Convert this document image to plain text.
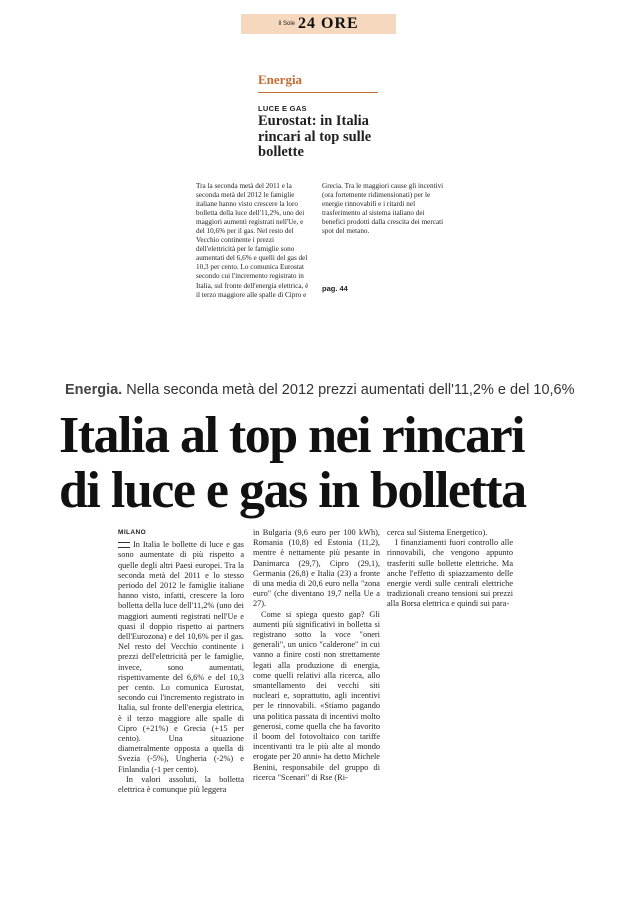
Il Sole 24 ORE
Energia
LUCE E GAS
Eurostat: in Italia rincari al top sulle bollette
Tra la seconda metà del 2011 e la seconda metà del 2012 le famiglie italiane hanno visto crescere la loro bolletta della luce dell'11,2%, uno dei maggiori aumenti registrati nell'Ue, e del 10,6% per il gas. Nel resto del Vecchio continente i prezzi dell'elettricità per le famiglie sono aumentati del 6,6% e quelli del gas del 10,3 per cento. Lo comunica Eurostat secondo cui l'incremento registrato in Italia, sul fronte dell'energia elettrica, è il terzo maggiore alle spalle di Cipro e
Grecia. Tra le maggiori cause gli incentivi (ora fortemente ridimensionati) per le energie rinnovabili e i ritardi nel trasferimento al sistema italiano dei benefici prodotti dalla crescita dei mercati spot del metano.
pag. 44
Energia. Nella seconda metà del 2012 prezzi aumentati dell'11,2% e del 10,6%
Italia al top nei rincari
di luce e gas in bolletta
MILANO

In Italia le bollette di luce e gas sono aumentate di più rispetto a quelle degli altri Paesi europei. Tra la seconda metà del 2011 e lo stesso periodo del 2012 le famiglie italiane hanno visto, infatti, crescere la loro bolletta della luce dell'11,2% (uno dei maggiori aumenti registrati nell'Ue e quasi il doppio rispetto ai partners dell'Eurozona) e del 10,6% per il gas. Nel resto del Vecchio continente i prezzi dell'elettricità per le famiglie, invece, sono aumentati, rispettivamente del 6,6% e del 10,3 per cento. Lo comunica Eurostat, secondo cui l'incremento registrato in Italia, sul fronte dell'energia elettrica, è il terzo maggiore alle spalle di Cipro (+21%) e Grecia (+15 per cento). Una situazione diametralmente opposta a quella di Svezia (-5%), Ungheria (-2%) e Finlandia (-1 per cento).

In valori assoluti, la bolletta elettrica è comunque più leggera

in Bulgaria (9,6 euro per 100 kWh), Romania (10,8) ed Estonia (11,2), mentre è nettamente più pesante in Danimarca (29,7), Cipro (29,1), Germania (26,8) e Italia (23) a fronte di una media di 20,6 euro nella "zona euro" (che diventano 19,7 nella Ue a 27).

Come si spiega questo gap? Gli aumenti più significativi in bolletta si registrano sotto la voce "oneri generali", un unico "calderone" in cui vanno a finire costi non strettamente legati alla produzione di energia, come quelli relativi alla ricerca, allo smantellamento dei vecchi siti nucleari e, soprattutto, agli incentivi per le rinnovabili. «Stiamo pagando una politica passata di incentivi molto generosi, come quella che ha favorito il boom del fotovoltaico con tariffe incentivanti tra le più alte al mondo erogate per 20 anni» ha detto Michele Benini, responsabile del gruppo di ricerca "Scenari" di Rse (Ri-

cerca sul Sistema Energetico).

I finanziamenti fuori controllo alle rinnovabili, che vengono appunto trasferiti sulle bollette elettriche. Ma anche l'effetto di spiazzamento delle energie verdi sulle centrali elettriche tradizionali creano tensioni sui prezzi alla Borsa elettrica e quindi sui para-
